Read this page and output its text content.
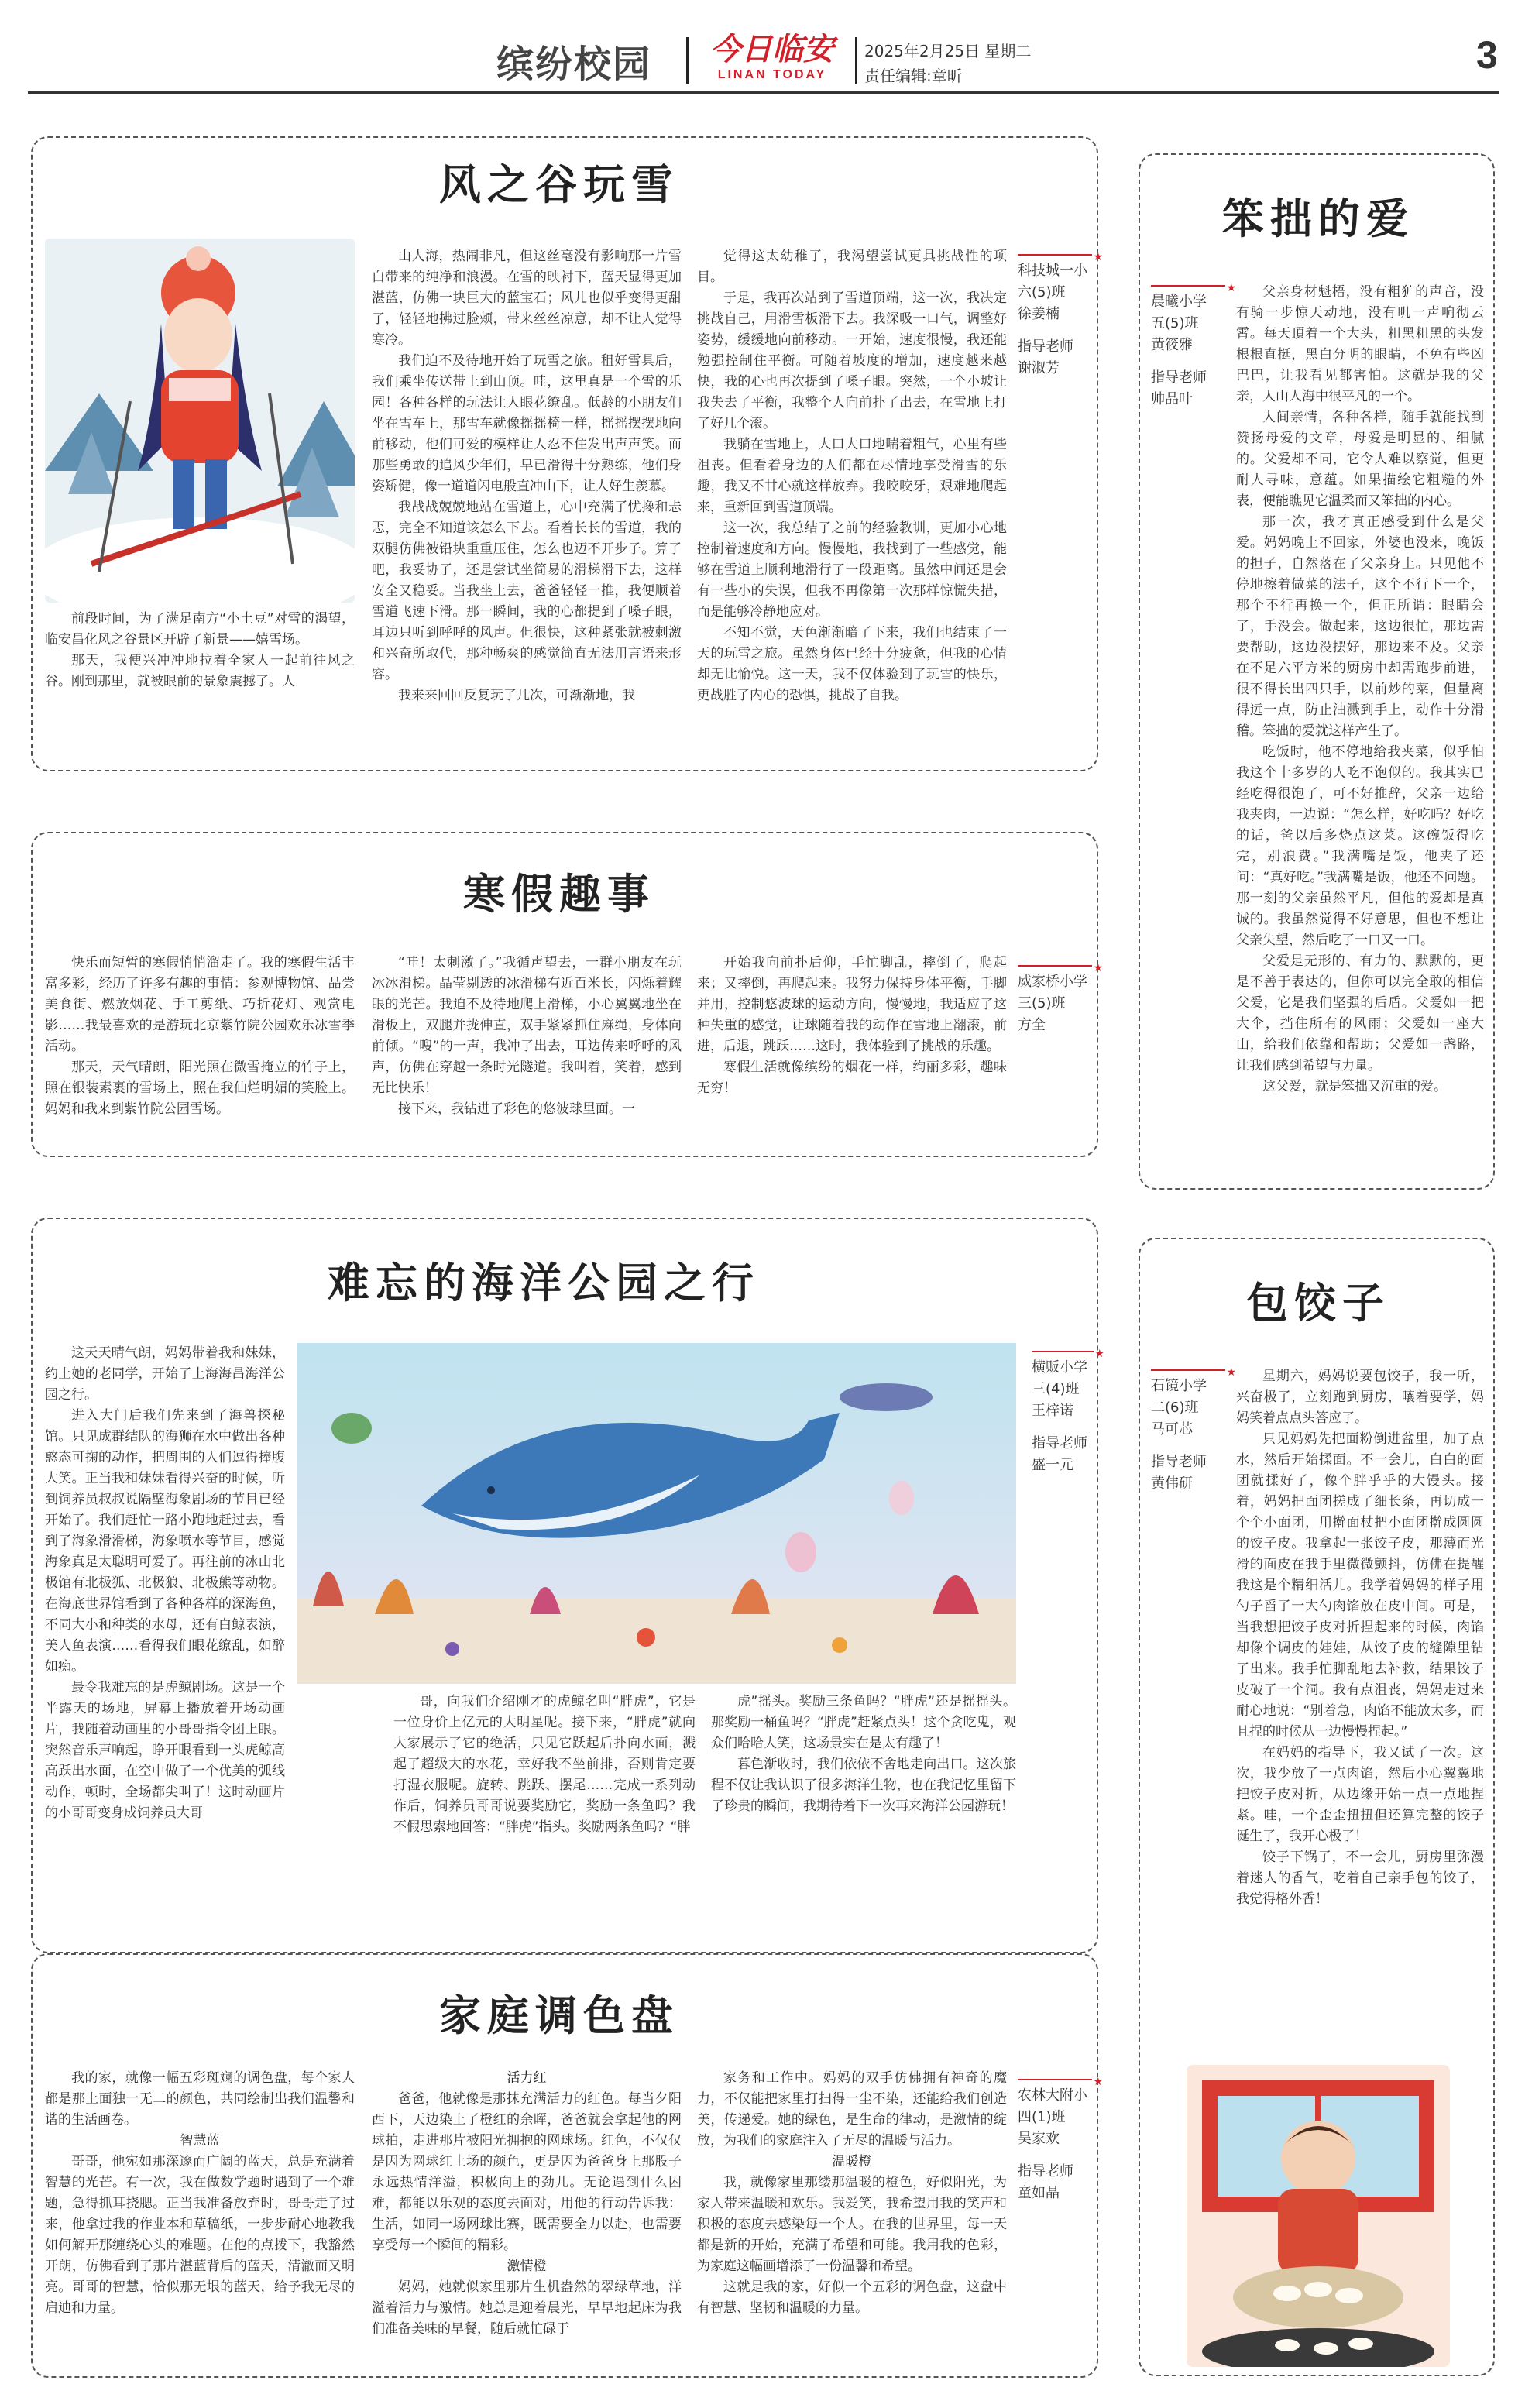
缤纷校园	今日临安
LINAN TODAY
2025年2月25日 星期二
责任编辑:章昕	3
风之谷玩雪

前段时间，为了满足南方“小土豆”对雪的渴望，临安昌化风之谷景区开辟了新景——嬉雪场。

那天，我便兴冲冲地拉着全家人一起前往风之谷。刚到那里，就被眼前的景象震撼了。人

山人海，热闹非凡，但这丝毫没有影响那一片雪白带来的纯净和浪漫。在雪的映衬下，蓝天显得更加湛蓝，仿佛一块巨大的蓝宝石；风儿也似乎变得更甜了，轻轻地拂过脸颊，带来丝丝凉意，却不让人觉得寒冷。

我们迫不及待地开始了玩雪之旅。租好雪具后，我们乘坐传送带上到山顶。哇，这里真是一个雪的乐园！各种各样的玩法让人眼花缭乱。低龄的小朋友们坐在雪车上，那雪车就像摇摇椅一样，摇摇摆摆地向前移动，他们可爱的模样让人忍不住发出声声笑。而那些勇敢的追风少年们，早已滑得十分熟练，他们身姿矫健，像一道道闪电般直冲山下，让人好生羡慕。

我战战兢兢地站在雪道上，心中充满了忧搀和忐忑，完全不知道该怎么下去。看着长长的雪道，我的双腿仿佛被铅块重重压住，怎么也迈不开步子。算了吧，我妥协了，还是尝试坐简易的滑梯滑下去，这样安全又稳妥。当我坐上去，爸爸轻轻一推，我便顺着雪道飞速下滑。那一瞬间，我的心都提到了嗓子眼，耳边只听到呼呼的风声。但很快，这种紧张就被刺激和兴奋所取代，那种畅爽的感觉简直无法用言语来形容。

我来来回回反复玩了几次，可渐渐地，我

觉得这太幼稚了，我渴望尝试更具挑战性的项目。

于是，我再次站到了雪道顶端，这一次，我决定挑战自己，用滑雪板滑下去。我深吸一口气，调整好姿势，缓缓地向前移动。一开始，速度很慢，我还能勉强控制住平衡。可随着坡度的增加，速度越来越快，我的心也再次提到了嗓子眼。突然，一个小坡让我失去了平衡，我整个人向前扑了出去，在雪地上打了好几个滚。

我躺在雪地上，大口大口地喘着粗气，心里有些沮丧。但看着身边的人们都在尽情地享受滑雪的乐趣，我又不甘心就这样放弃。我咬咬牙，艰难地爬起来，重新回到雪道顶端。

这一次，我总结了之前的经验教训，更加小心地控制着速度和方向。慢慢地，我找到了一些感觉，能够在雪道上顺利地滑行了一段距离。虽然中间还是会有一些小的失误，但我不再像第一次那样惊慌失措，而是能够冷静地应对。

不知不觉，天色渐渐暗了下来，我们也结束了一天的玩雪之旅。虽然身体已经十分疲惫，但我的心情却无比愉悦。这一天，我不仅体验到了玩雪的快乐，更战胜了内心的恐惧，挑战了自我。

★
科技城一小
六(5)班
徐姜楠
指导老师
谢淑芳
寒假趣事

快乐而短暂的寒假悄悄溜走了。我的寒假生活丰富多彩，经历了许多有趣的事情：参观博物馆、品尝美食街、燃放烟花、手工剪纸、巧折花灯、观赏电影……我最喜欢的是游玩北京紫竹院公园欢乐冰雪季活动。

那天，天气晴朗，阳光照在微雪掩立的竹子上，照在银装素裹的雪场上，照在我仙烂明媚的笑脸上。妈妈和我来到紫竹院公园雪场。

“哇！太刺激了。”我循声望去，一群小朋友在玩冰冰滑梯。晶莹剔透的冰滑梯有近百米长，闪烁着耀眼的光芒。我迫不及待地爬上滑梯，小心翼翼地坐在滑板上，双腿并拢伸直，双手紧紧抓住麻绳，身体向前倾。“嗖”的一声，我冲了出去，耳边传来呼呼的风声，仿佛在穿越一条时光隧道。我叫着，笑着，感到无比快乐！

接下来，我钻进了彩色的悠波球里面。一

开始我向前扑后仰，手忙脚乱，摔倒了，爬起来；又摔倒，再爬起来。我努力保持身体平衡，手脚并用，控制悠波球的运动方向，慢慢地，我适应了这种失重的感觉，让球随着我的动作在雪地上翻滚，前进，后退，跳跃……这时，我体验到了挑战的乐趣。

寒假生活就像缤纷的烟花一样，绚丽多彩，趣味无穷！

★
威家桥小学
三(5)班
方全
笨拙的爱
★
晨曦小学
五(5)班
黄筱雅
指导老师
帅品叶

父亲身材魁梧，没有粗犷的声音，没有骑一步惊天动地，没有叽一声响彻云霄。每天頂着一个大头，粗黑粗黑的头发根根直挺，黑白分明的眼睛，不免有些凶巴巴，让我看见都害怕。这就是我的父亲，人山人海中很平凡的一个。

人间亲情，各种各样，随手就能找到赞扬母爱的文章，母爱是明显的、细腻的。父爱却不同，它令人难以察觉，但更耐人寻味，意蕴。如果描绘它粗糙的外表，便能瞧见它温柔而又笨拙的内心。

那一次，我才真正感受到什么是父爱。妈妈晚上不回家，外婆也没来，晚饭的担子，自然落在了父亲身上。只见他不停地擦着做菜的法子，这个不行下一个，那个不行再换一个，但正所谓：眼睛会了，手没会。做起来，这边很忙，那边需要帮助，这边没摆好，那边来不及。父亲在不足六平方米的厨房中却需跑步前进，很不得长出四只手，以前炒的菜，但量离得远一点，防止油溅到手上，动作十分滑稽。笨拙的爱就这样产生了。

吃饭时，他不停地给我夹菜，似乎怕我这个十多岁的人吃不饱似的。我其实已经吃得很饱了，可不好推辞，父亲一边给我夹肉，一边说：“怎么样，好吃吗？好吃的话，爸以后多烧点这菜。这碗饭得吃完，别浪费。”我满嘴是饭，他夹了还问：“真好吃。”我满嘴是饭，他还不问题。那一刻的父亲虽然平凡，但他的爱却是真诚的。我虽然觉得不好意思，但也不想让父亲失望，然后吃了一口又一口。

父爱是无形的、有力的、默默的，更是不善于表达的，但你可以完全敢的相信父爱，它是我们坚强的后盾。父爱如一把大伞，挡住所有的风雨；父爱如一座大山，给我们依靠和帮助；父爱如一盏路，让我们感到希望与力量。

这父爱，就是笨拙又沉重的爱。

难忘的海洋公园之行

这天天晴气朗，妈妈带着我和妹妹，约上她的老同学，开始了上海海昌海洋公园之行。

进入大门后我们先来到了海兽探秘馆。只见成群结队的海狮在水中做出各种憨态可掬的动作，把周围的人们逗得捧腹大笑。正当我和妹妹看得兴奋的时候，听到饲养员叔叔说隔壁海象剧场的节目已经开始了。我们赶忙一路小跑地赶过去，看到了海象滑滑梯，海象喷水等节目，感觉海象真是太聪明可爱了。再往前的冰山北极馆有北极狐、北极狼、北极熊等动物。在海底世界馆看到了各种各样的深海鱼，不同大小和种类的水母，还有白鲸表演，美人鱼表演……看得我们眼花缭乱，如醉如痴。

最令我难忘的是虎鲸剧场。这是一个半露天的场地，屏幕上播放着开场动画片，我随着动画里的小哥哥指令团上眼。突然音乐声响起，睁开眼看到一头虎鲸高高跃出水面，在空中做了一个优美的弧线动作，顿时，全场都尖叫了！这时动画片的小哥哥变身成饲养员大哥

哥，向我们介绍刚才的虎鲸名叫“胖虎”，它是一位身价上亿元的大明星呢。接下来，“胖虎”就向大家展示了它的绝活，只见它跃起后扑向水面，溅起了超级大的水花，幸好我不坐前排，否则肯定要打湿衣服呢。旋转、跳跃、摆尾……完成一系列动作后，饲养员哥哥说要奖励它，奖励一条鱼吗？我不假思索地回答：“胖虎”指头。奖励两条鱼吗？“胖

虎”摇头。奖励三条鱼吗？“胖虎”还是摇摇头。那奖励一桶鱼吗？“胖虎”赶紧点头！这个贪吃鬼，观众们哈哈大笑，这场景实在是太有趣了！

暮色渐收时，我们依依不舍地走向出口。这次旅程不仅让我认识了很多海洋生物，也在我记忆里留下了珍贵的瞬间，我期待着下一次再来海洋公园游玩！

★
横贩小学
三(4)班
王梓诺
指导老师
盛一元
包饺子
★
石镜小学
二(6)班
马可芯
指导老师
黄伟研

星期六，妈妈说要包饺子，我一听，兴奋极了，立刻跑到厨房，嚷着要学，妈妈笑着点点头答应了。

只见妈妈先把面粉倒进盆里，加了点水，然后开始揉面。不一会儿，白白的面团就揉好了，像个胖乎乎的大馒头。接着，妈妈把面团搓成了细长条，再切成一个个小面团，用擀面杖把小面团擀成圆圆的饺子皮。我拿起一张饺子皮，那薄而光滑的面皮在我手里微微颤抖，仿佛在提醒我这是个精细活儿。我学着妈妈的样子用勺子舀了一大勺肉馅放在皮中间。可是，当我想把饺子皮对折捏起来的时候，肉馅却像个调皮的娃娃，从饺子皮的缝隙里钻了出来。我手忙脚乱地去补救，结果饺子皮破了一个洞。我有点沮丧，妈妈走过来耐心地说：“别着急，肉馅不能放太多，而且捏的时候从一边慢慢捏起。”

在妈妈的指导下，我又试了一次。这次，我少放了一点肉馅，然后小心翼翼地把饺子皮对折，从边缘开始一点一点地捏紧。哇，一个歪歪扭扭但还算完整的饺子诞生了，我开心极了！

饺子下锅了，不一会儿，厨房里弥漫着迷人的香气，吃着自己亲手包的饺子，我觉得格外香！

家庭调色盘

我的家，就像一幅五彩斑斓的调色盘，每个家人都是那上面独一无二的颜色，共同绘制出我们温馨和谐的生活画卷。

智慧蓝

哥哥，他宛如那深邃而广阔的蓝天，总是充满着智慧的光芒。有一次，我在做数学题时遇到了一个难题，急得抓耳挠腮。正当我准备放弃时，哥哥走了过来，他拿过我的作业本和草稿纸，一步步耐心地教我如何解开那缠绕心头的难题。在他的点拨下，我豁然开朗，仿佛看到了那片湛蓝背后的蓝天，清澈而又明亮。哥哥的智慧，恰似那无垠的蓝天，给予我无尽的启迪和力量。

活力红

爸爸，他就像是那抹充满活力的红色。每当夕阳西下，天边染上了橙红的余晖，爸爸就会拿起他的网球拍，走进那片被阳光拥抱的网球场。红色，不仅仅是因为网球红土场的颜色，更是因为爸爸身上那股子永远热情洋溢，积极向上的劲儿。无论遇到什么困难，都能以乐观的态度去面对，用他的行动告诉我：生活，如同一场网球比赛，既需要全力以赴，也需要享受每一个瞬间的精彩。

激情橙

妈妈，她就似家里那片生机盎然的翠绿草地，洋溢着活力与激情。她总是迎着晨光，早早地起床为我们准备美味的早餐，随后就忙碌于

家务和工作中。妈妈的双手仿佛拥有神奇的魔力，不仅能把家里打扫得一尘不染，还能给我们创造美，传递爱。她的绿色，是生命的律动，是激情的绽放，为我们的家庭注入了无尽的温暖与活力。

温暖橙

我，就像家里那缕那温暖的橙色，好似阳光，为家人带来温暖和欢乐。我爱笑，我希望用我的笑声和积极的态度去感染每一个人。在我的世界里，每一天都是新的开始，充满了希望和可能。我用我的色彩，为家庭这幅画增添了一份温馨和希望。

这就是我的家，好似一个五彩的调色盘，这盘中有智慧、坚韧和温暖的力量。

★
农林大附小
四(1)班
吴家欢
指导老师
童如晶
